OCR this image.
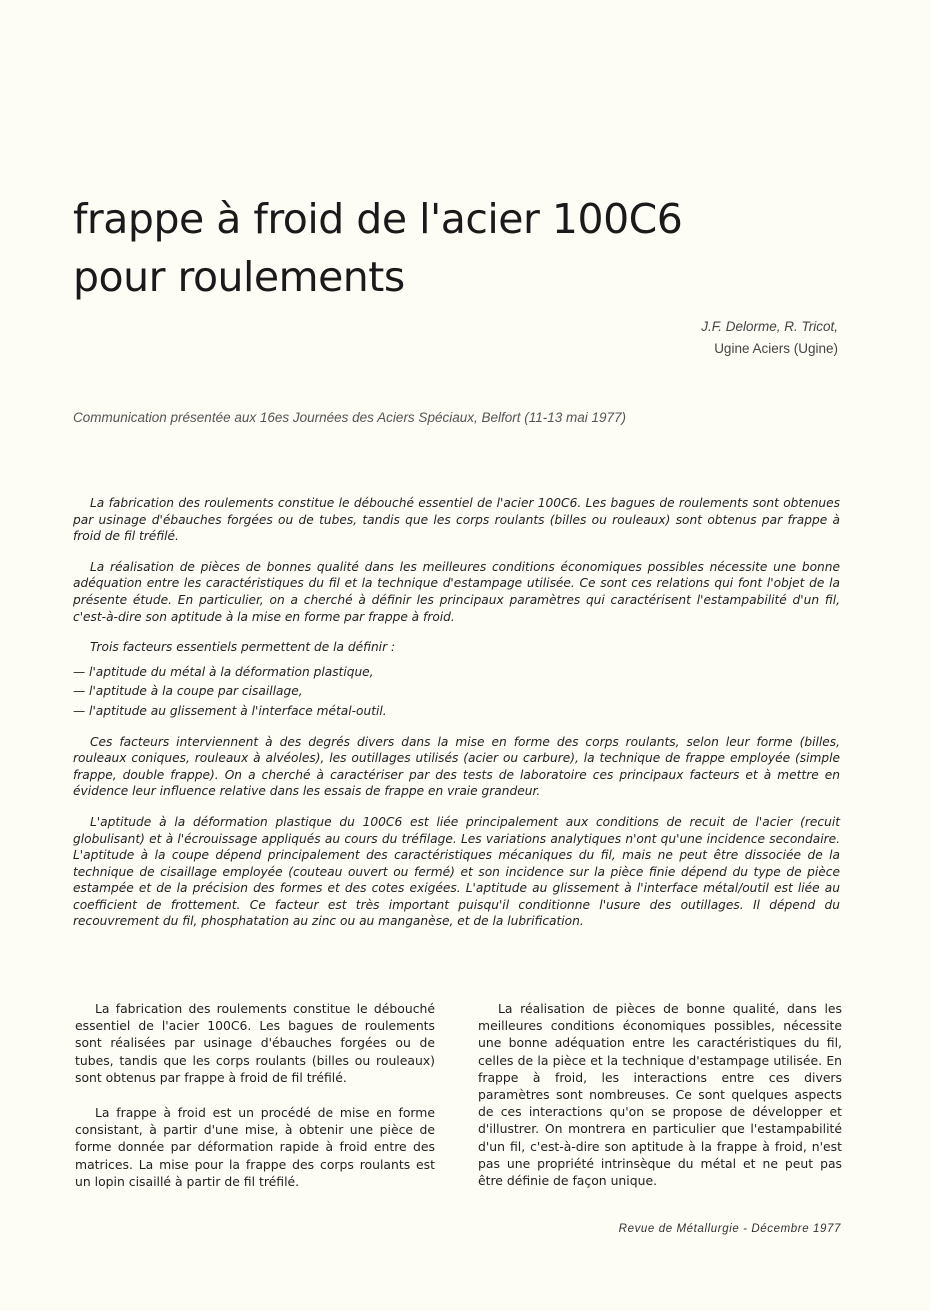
frappe à froid de l'acier 100C6
pour roulements
J.F. Delorme, R. Tricot,
Ugine Aciers (Ugine)
Communication présentée aux 16es Journées des Aciers Spéciaux, Belfort (11-13 mai 1977)

La fabrication des roulements constitue le débouché essentiel de l'acier 100C6. Les bagues de roulements sont obtenues par usinage d'ébauches forgées ou de tubes, tandis que les corps roulants (billes ou rouleaux) sont obtenus par frappe à froid de fil tréfilé.

La réalisation de pièces de bonnes qualité dans les meilleures conditions économiques possibles nécessite une bonne adéquation entre les caractéristiques du fil et la technique d'estampage utilisée. Ce sont ces relations qui font l'objet de la présente étude. En particulier, on a cherché à définir les principaux paramètres qui caractérisent l'estampabilité d'un fil, c'est-à-dire son aptitude à la mise en forme par frappe à froid.

Trois facteurs essentiels permettent de la définir :

— l'aptitude du métal à la déformation plastique,
— l'aptitude à la coupe par cisaillage,
— l'aptitude au glissement à l'interface métal-outil.

Ces facteurs interviennent à des degrés divers dans la mise en forme des corps roulants, selon leur forme (billes, rouleaux coniques, rouleaux à alvéoles), les outillages utilisés (acier ou carbure), la technique de frappe employée (simple frappe, double frappe). On a cherché à caractériser par des tests de laboratoire ces principaux facteurs et à mettre en évidence leur influence relative dans les essais de frappe en vraie grandeur.

L'aptitude à la déformation plastique du 100C6 est liée principalement aux conditions de recuit de l'acier (recuit globulisant) et à l'écrouissage appliqués au cours du tréfilage. Les variations analytiques n'ont qu'une incidence secondaire. L'aptitude à la coupe dépend principalement des caractéristiques mécaniques du fil, mais ne peut être dissociée de la technique de cisaillage employée (couteau ouvert ou fermé) et son incidence sur la pièce finie dépend du type de pièce estampée et de la précision des formes et des cotes exigées. L'aptitude au glissement à l'interface métal/outil est liée au coefficient de frottement. Ce facteur est très important puisqu'il conditionne l'usure des outillages. Il dépend du recouvrement du fil, phosphatation au zinc ou au manganèse, et de la lubrification.

La fabrication des roulements constitue le débouché essentiel de l'acier 100C6. Les bagues de roulements sont réalisées par usinage d'ébauches forgées ou de tubes, tandis que les corps roulants (billes ou rouleaux) sont obtenus par frappe à froid de fil tréfilé.

La frappe à froid est un procédé de mise en forme consistant, à partir d'une mise, à obtenir une pièce de forme donnée par déformation rapide à froid entre des matrices. La mise pour la frappe des corps roulants est un lopin cisaillé à partir de fil tréfilé.

La réalisation de pièces de bonne qualité, dans les meilleures conditions économiques possibles, nécessite une bonne adéquation entre les caractéristiques du fil, celles de la pièce et la technique d'estampage utilisée. En frappe à froid, les interactions entre ces divers paramètres sont nombreuses. Ce sont quelques aspects de ces interactions qu'on se propose de développer et d'illustrer. On montrera en particulier que l'estampabilité d'un fil, c'est-à-dire son aptitude à la frappe à froid, n'est pas une propriété intrinsèque du métal et ne peut pas être définie de façon unique.

Revue de Métallurgie - Décembre 1977
